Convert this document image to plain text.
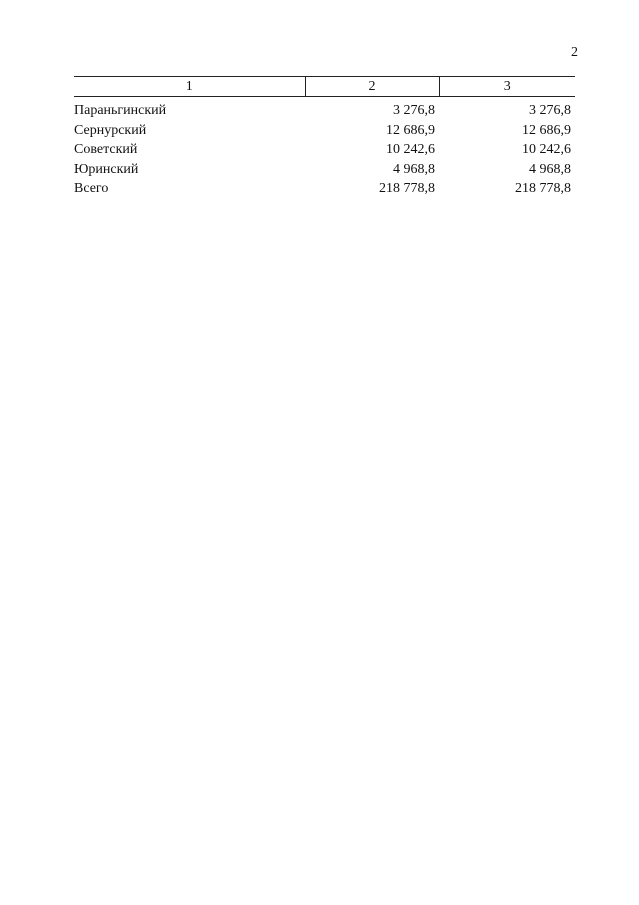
2
1	2	3
Параньгинский	3 276,8	3 276,8
Сернурский	12 686,9	12 686,9
Советский	10 242,6	10 242,6
Юринский	4 968,8	4 968,8
Всего	218 778,8	218 778,8
